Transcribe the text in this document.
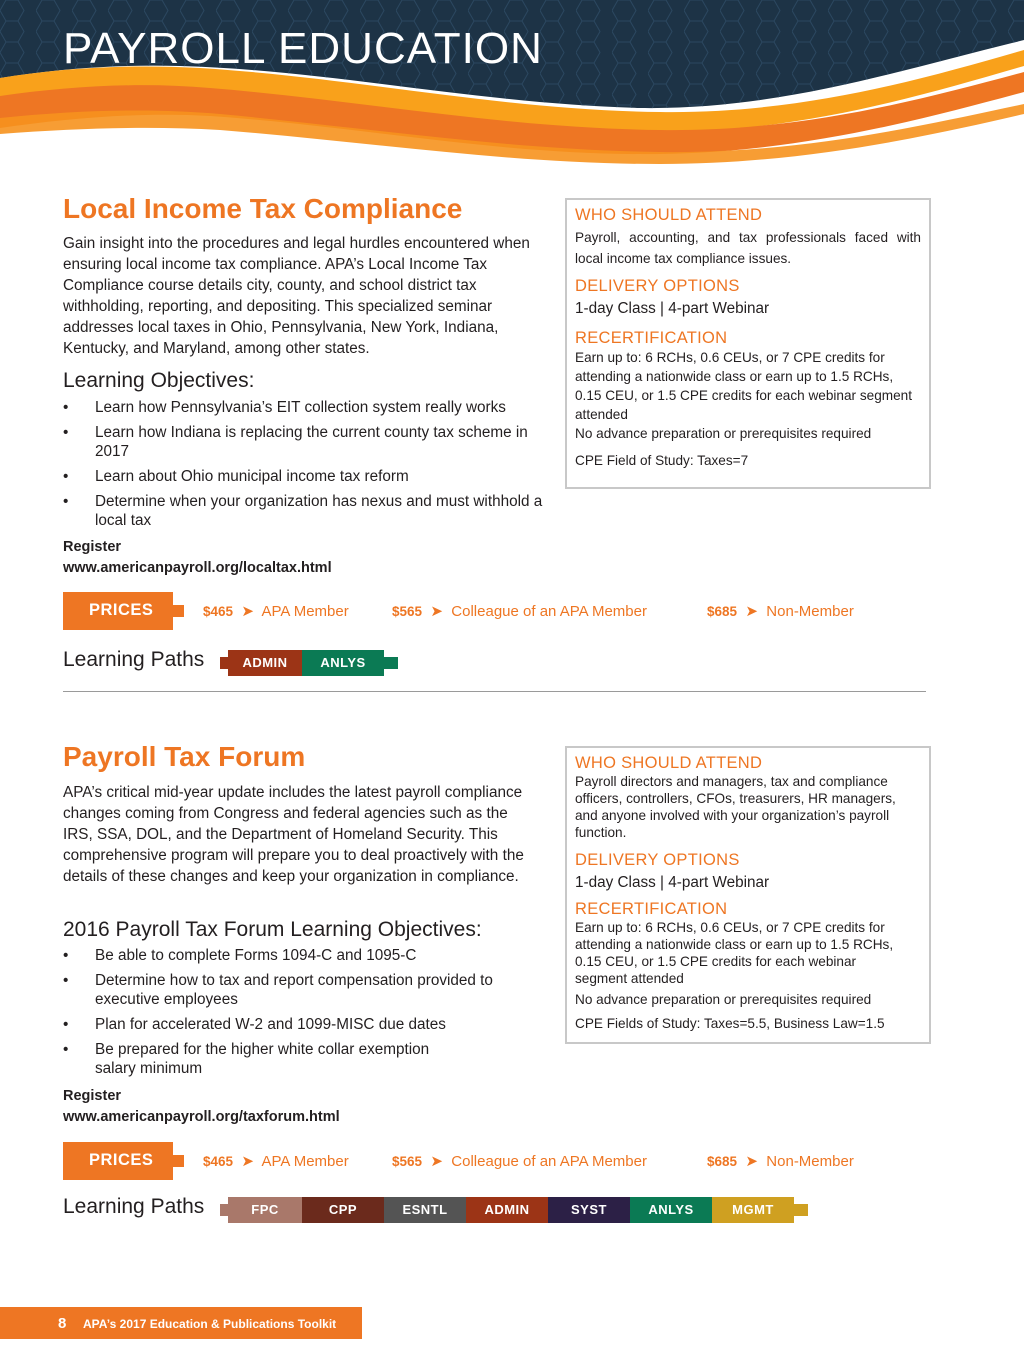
PAYROLL EDUCATION
Local Income Tax Compliance
Gain insight into the procedures and legal hurdles encountered when ensuring local income tax compliance. APA’s Local Income Tax Compliance course details city, county, and school district tax withholding, reporting, and depositing. This specialized seminar addresses local taxes in Ohio, Pennsylvania, New York, Indiana, Kentucky, and Maryland, among other states.
Learning Objectives:
• Learn how Pennsylvania’s EIT collection system really works
• Learn how Indiana is replacing the current county tax scheme in 2017
• Learn about Ohio municipal income tax reform
• Determine when your organization has nexus and must withhold a local tax
Register
www.americanpayroll.org/localtax.html
WHO SHOULD ATTEND
Payroll, accounting, and tax professionals faced with local income tax compliance issues.
DELIVERY OPTIONS
1-day Class | 4-part Webinar
RECERTIFICATION
Earn up to: 6 RCHs, 0.6 CEUs, or 7 CPE credits for attending a nationwide class or earn up to 1.5 RCHs, 0.15 CEU, or 1.5 CPE credits for each webinar segment attended
No advance preparation or prerequisites required
CPE Field of Study: Taxes=7
PRICES	$465  ➤  APA Member	$565  ➤  Colleague of an APA Member	$685  ➤  Non-Member
Learning Paths	ADMIN	ANLYS
Payroll Tax Forum
APA’s critical mid-year update includes the latest payroll compliance changes coming from Congress and federal agencies such as the IRS, SSA, DOL, and the Department of Homeland Security. This comprehensive program will prepare you to deal proactively with the details of these changes and keep your organization in compliance.
2016 Payroll Tax Forum Learning Objectives:
• Be able to complete Forms 1094-C and 1095-C
• Determine how to tax and report compensation provided to executive employees
• Plan for accelerated W-2 and 1099-MISC due dates
• Be prepared for the higher white collar exemption salary minimum
Register
www.americanpayroll.org/taxforum.html
WHO SHOULD ATTEND
Payroll directors and managers, tax and compliance officers, controllers, CFOs, treasurers, HR managers, and anyone involved with your organization’s payroll function.
DELIVERY OPTIONS
1-day Class | 4-part Webinar
RECERTIFICATION
Earn up to: 6 RCHs, 0.6 CEUs, or 7 CPE credits for attending a nationwide class or earn up to 1.5 RCHs, 0.15 CEU, or 1.5 CPE credits for each webinar segment attended
No advance preparation or prerequisites required
CPE Fields of Study: Taxes=5.5, Business Law=1.5
PRICES	$465  ➤  APA Member	$565  ➤  Colleague of an APA Member	$685  ➤  Non-Member
Learning Paths	FPC	CPP	ESNTL	ADMIN	SYST	ANLYS	MGMT
8 APA’s 2017 Education & Publications Toolkit
